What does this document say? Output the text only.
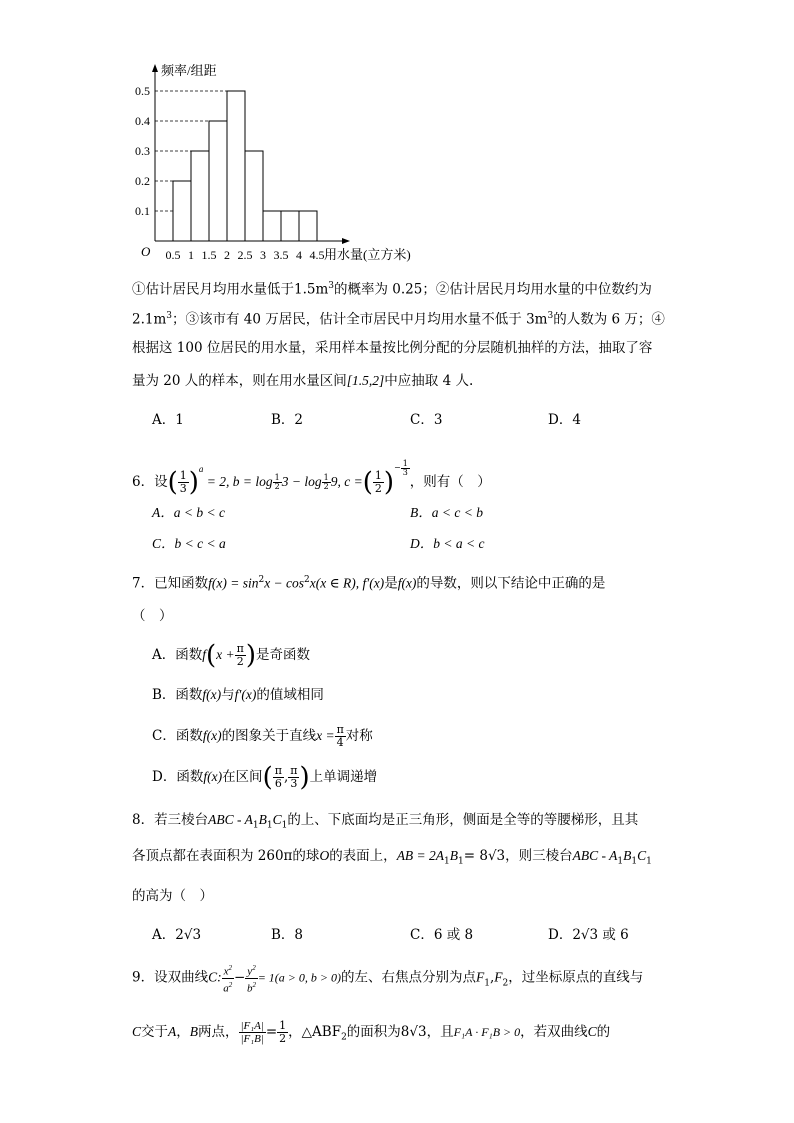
频率/组距
O	用水量(立方米)
0.1
0.2
0.3
0.4
0.5
0.5 1 1.5 2 2.5 3 3.5 4 4.5
①估计居民月均用水量低于$1.5m^3$的概率为 0.25；②估计居民月均用水量的中位数约为
$2.1m^3$；③该市有 40 万居民，估计全市居民中月均用水量不低于 $3m^3$的人数为 6 万；④
根据这 100 位居民的用水量，采用样本量按比例分配的分层随机抽样的方法，抽取了容
量为 20 人的样本，则在用水量区间[1.5,2]中应抽取 4 人.
A．1	B．2	C．3	D．4
6．设( $\frac{1}{3} )^a = 2$, $b = \log \frac{1}{2} 3 - \log \frac{1}{2} 9$, c =( $\frac{1}{2} )^{- \frac{1}{3}}$
，则有（　）
A．a < b < c	B．a < c < b
C．b < c < a	D．b < a < c
7．已知函数$f(x) = \sin^2x - \cos^2x(x$ ∈ R), f′(x)是f(x)的导数，则以下结论中正确的是
（　）
A．函数$f(x + \frac{\pi}{2}$ )是奇函数
B．函数f(x)与f′(x)的值域相同
C．函数f(x)的图象关于直线$x = \frac{\pi}{4}$ 对称
D．函数f(x)在区间( $\frac{\pi}{6}$ , $\frac{\pi}{3}$ )上单调递增
8．若三棱台ABC - $A_1B_1C_1$的上、下底面均是正三角形，侧面是全等的等腰梯形，且其
各顶点都在表面积为 260π的球O的表面上，AB = $2A_1B_1= 8√3$，则三棱台ABC - $A_1B_1C_1$
的高为（　）
A．2√3	B．8	C．6 或 8	D．2√3 或 6
9．设双曲线C: $\frac{x^2}{a^2} - \frac{y^2}{b^2} = 1(a > 0$, b > 0)的左、右焦点分别为点$F_1,F_2$，过坐标原点的直线与
C交于A，B两点， $\frac{\text{|F₁A|}}{\text{|F₁B|}} = \frac{1}{2}$ ，$\triangle ABF_2$的面积为8√3，且F₁A · F₁B > 0，若双曲线C的
